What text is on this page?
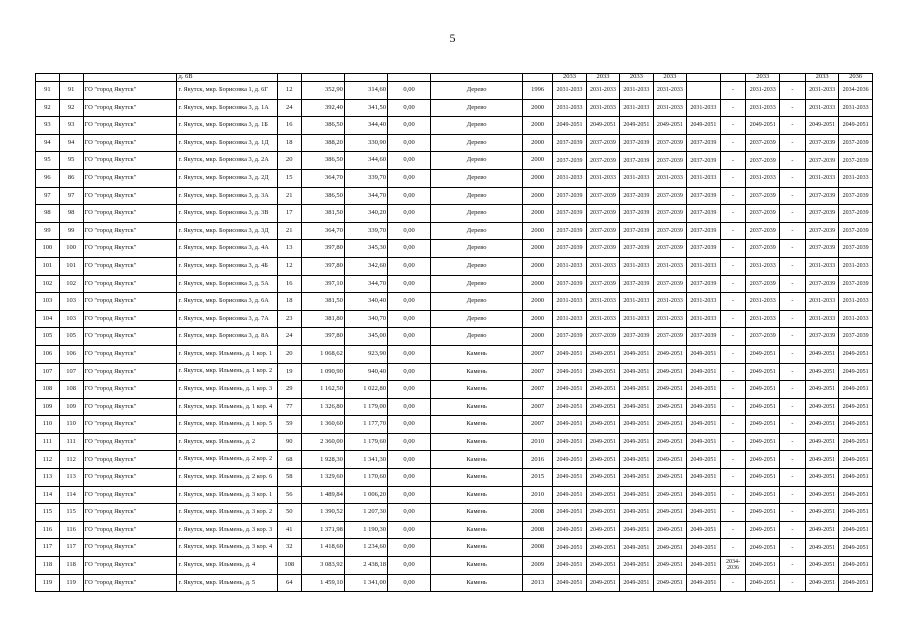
5
			д. 6В							2033	2033	2033	2033			2033		2033	2036
91	91	ГО "город Якутск"	г. Якутск, мкр. Борисовка 1, д. 6Г	12	352,90	314,60	0,00	Дерево	1996	2031-2033	2031-2033	2031-2033	2031-2033		-	2031-2033	-	2031-2033	2034-2036
92	92	ГО "город Якутск"	г. Якутск, мкр. Борисовка 3, д. 1А	24	392,40	341,50	0,00	Дерево	2000	2031-2033	2031-2033	2031-2033	2031-2033	2031-2033	-	2031-2033	-	2031-2033	2031-2033
93	93	ГО "город Якутск"	г. Якутск, мкр. Борисовка 3, д. 1Б	16	386,50	344,40	0,00	Дерево	2000	2049-2051	2049-2051	2049-2051	2049-2051	2049-2051	-	2049-2051	-	2049-2051	2049-2051
94	94	ГО "город Якутск"	г. Якутск, мкр. Борисовка 3, д. 1Д	18	388,20	330,90	0,00	Дерево	2000	2037-2039	2037-2039	2037-2039	2037-2039	2037-2039	-	2037-2039	-	2037-2039	2037-2039
95	95	ГО "город Якутск"	г. Якутск, мкр. Борисовка 3, д. 2А	20	386,50	344,60	0,00	Дерево	2000	2037-2039	2037-2039	2037-2039	2037-2039	2037-2039	-	2037-2039	-	2037-2039	2037-2039
96	86	ГО "город Якутск"	г. Якутск, мкр. Борисовка 3, д. 2Д	15	364,70	339,70	0,00	Дерево	2000	2031-2033	2031-2033	2031-2033	2031-2033	2031-2033	-	2031-2033	-	2031-2033	2031-2033
97	97	ГО "город Якутск"	г. Якутск, мкр. Борисовка 3, д. 3А	21	386,50	344,70	0,00	Дерево	2000	2037-2039	2037-2039	2037-2039	2037-2039	2037-2039	-	2037-2039	-	2037-2039	2037-2039
98	98	ГО "город Якутск"	г. Якутск, мкр. Борисовка 3, д. 3В	17	381,50	340,20	0,00	Дерево	2000	2037-2039	2037-2039	2037-2039	2037-2039	2037-2039	-	2037-2039	-	2037-2039	2037-2039
99	99	ГО "город Якутск"	г. Якутск, мкр. Борисовка 3, д. 3Д	21	364,70	339,70	0,00	Дерево	2000	2037-2039	2037-2039	2037-2039	2037-2039	2037-2039	-	2037-2039	-	2037-2039	2037-2039
100	100	ГО "город Якутск"	г. Якутск, мкр. Борисовка 3, д. 4А	13	397,80	345,30	0,00	Дерево	2000	2037-2039	2037-2039	2037-2039	2037-2039	2037-2039	-	2037-2039	-	2037-2039	2037-2039
101	101	ГО "город Якутск"	г. Якутск, мкр. Борисовка 3, д. 4Б	12	397,80	342,60	0,00	Дерево	2000	2031-2033	2031-2033	2031-2033	2031-2033	2031-2033	-	2031-2033	-	2031-2033	2031-2033
102	102	ГО "город Якутск"	г. Якутск, мкр. Борисовка 3, д. 5А	16	397,10	344,70	0,00	Дерево	2000	2037-2039	2037-2039	2037-2039	2037-2039	2037-2039	-	2037-2039	-	2037-2039	2037-2039
103	103	ГО "город Якутск"	г. Якутск, мкр. Борисовка 3, д. 6А	18	381,50	340,40	0,00	Дерево	2000	2031-2033	2031-2033	2031-2033	2031-2033	2031-2033	-	2031-2033	-	2031-2033	2031-2033
104	103	ГО "город Якутск"	г. Якутск, мкр. Борисовка 3, д. 7А	23	381,80	340,70	0,00	Дерево	2000	2031-2033	2031-2033	2031-2033	2031-2033	2031-2033	-	2031-2033	-	2031-2033	2031-2033
105	105	ГО "город Якутск"	г. Якутск, мкр. Борисовка 3, д. 8А	24	397,80	345,00	0,00	Дерево	2000	2037-2039	2037-2039	2037-2039	2037-2039	2037-2039	-	2037-2039	-	2037-2039	2037-2039
106	106	ГО "город Якутск"	г. Якутск, мкр. Ильмень, д. 1 кор. 1	20	1 068,62	923,90	0,00	Камень	2007	2049-2051	2049-2051	2049-2051	2049-2051	2049-2051	-	2049-2051	-	2049-2051	2049-2051
107	107	ГО "город Якутск"	г. Якутск, мкр. Ильмень, д. 1 кор. 2	19	1 090,90	940,40	0,00	Камень	2007	2049-2051	2049-2051	2049-2051	2049-2051	2049-2051	-	2049-2051	-	2049-2051	2049-2051
108	108	ГО "город Якутск"	г. Якутск, мкр. Ильмень, д. 1 кор. 3	29	1 162,50	1 022,80	0,00	Камень	2007	2049-2051	2049-2051	2049-2051	2049-2051	2049-2051	-	2049-2051	-	2049-2051	2049-2051
109	109	ГО "город Якутск"	г. Якутск, мкр. Ильмень, д. 1 кор. 4	77	1 326,80	1 179,00	0,00	Камень	2007	2049-2051	2049-2051	2049-2051	2049-2051	2049-2051	-	2049-2051	-	2049-2051	2049-2051
110	110	ГО "город Якутск"	г. Якутск, мкр. Ильмень, д. 1 кор. 5	59	1 360,60	1 177,70	0,00	Камень	2007	2049-2051	2049-2051	2049-2051	2049-2051	2049-2051	-	2049-2051	-	2049-2051	2049-2051
111	111	ГО "город Якутск"	г. Якутск, мкр. Ильмень, д. 2	90	2 360,00	1 179,60	0,00	Камень	2010	2049-2051	2049-2051	2049-2051	2049-2051	2049-2051	-	2049-2051	-	2049-2051	2049-2051
112	112	ГО "город Якутск"	г. Якутск, мкр. Ильмень, д. 2 кор. 2	68	1 928,30	1 341,30	0,00	Камень	2016	2049-2051	2049-2051	2049-2051	2049-2051	2049-2051	-	2049-2051	-	2049-2051	2049-2051
113	113	ГО "город Якутск"	г. Якутск, мкр. Ильмень, д. 2 кор. 6	58	1 329,60	1 170,60	0,00	Камень	2015	2049-2051	2049-2051	2049-2051	2049-2051	2049-2051	-	2049-2051	-	2049-2051	2049-2051
114	114	ГО "город Якутск"	г. Якутск, мкр. Ильмень, д. 3 кор. 1	56	1 489,84	1 006,20	0,00	Камень	2010	2049-2051	2049-2051	2049-2051	2049-2051	2049-2051	-	2049-2051	-	2049-2051	2049-2051
115	115	ГО "город Якутск"	г. Якутск, мкр. Ильмень, д. 3 кор. 2	50	1 390,52	1 207,30	0,00	Камень	2008	2049-2051	2049-2051	2049-2051	2049-2051	2049-2051	-	2049-2051	-	2049-2051	2049-2051
116	116	ГО "город Якутск"	г. Якутск, мкр. Ильмень, д. 3 кор. 3	41	1 371,98	1 190,30	0,00	Камень	2008	2049-2051	2049-2051	2049-2051	2049-2051	2049-2051	-	2049-2051	-	2049-2051	2049-2051
117	117	ГО "город Якутск"	г. Якутск, мкр. Ильмень, д. 3 кор. 4	32	1 418,60	1 234,60	0,00	Камень	2008	2049-2051	2049-2051	2049-2051	2049-2051	2049-2051	-	2049-2051	-	2049-2051	2049-2051
118	118	ГО "город Якутск"	г. Якутск, мкр. Ильмень, д. 4	108	3 083,92	2 438,18	0,00	Камень	2009	2049-2051	2049-2051	2049-2051	2049-2051	2049-2051	2034-2036	2049-2051	-	2049-2051	2049-2051
119	119	ГО "город Якутск"	г. Якутск, мкр. Ильмень, д. 5	64	1 459,10	1 341,00	0,00	Камень	2013	2049-2051	2049-2051	2049-2051	2049-2051	2049-2051	-	2049-2051	-	2049-2051	2049-2051
